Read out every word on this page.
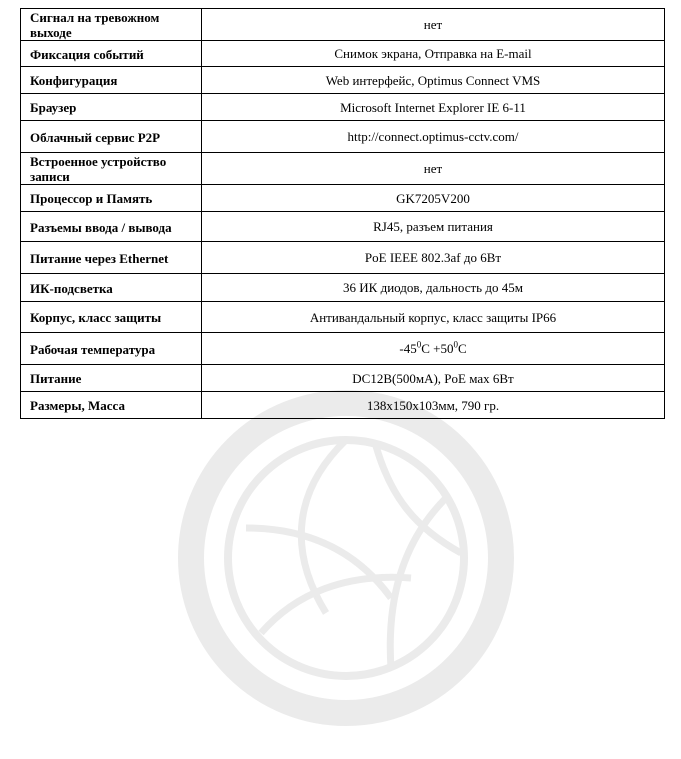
Сигнал на тревожном выходе	нет
Фиксация событий	Снимок экрана, Отправка на E-mail
Конфигурация	Web интерфейс, Optimus Connect VMS
Браузер	Microsoft Internet Explorer IE 6-11
Облачный сервис P2P	http://connect.optimus-cctv.com/
Встроенное устройство записи	нет
Процессор и Память	GK7205V200
Разъемы ввода / вывода	RJ45, разъем питания
Питание через Ethernet	PoE IEEE 802.3af до 6Вт
ИК-подсветка	36 ИК диодов, дальность до 45м
Корпус, класс защиты	Антивандальный корпус, класс защиты IP66
Рабочая температура	$-45^0C +50^0C$
Питание	DC12В(500мА), PoE мах 6Вт
Размеры, Масса	138х150х103мм, 790 гр.
